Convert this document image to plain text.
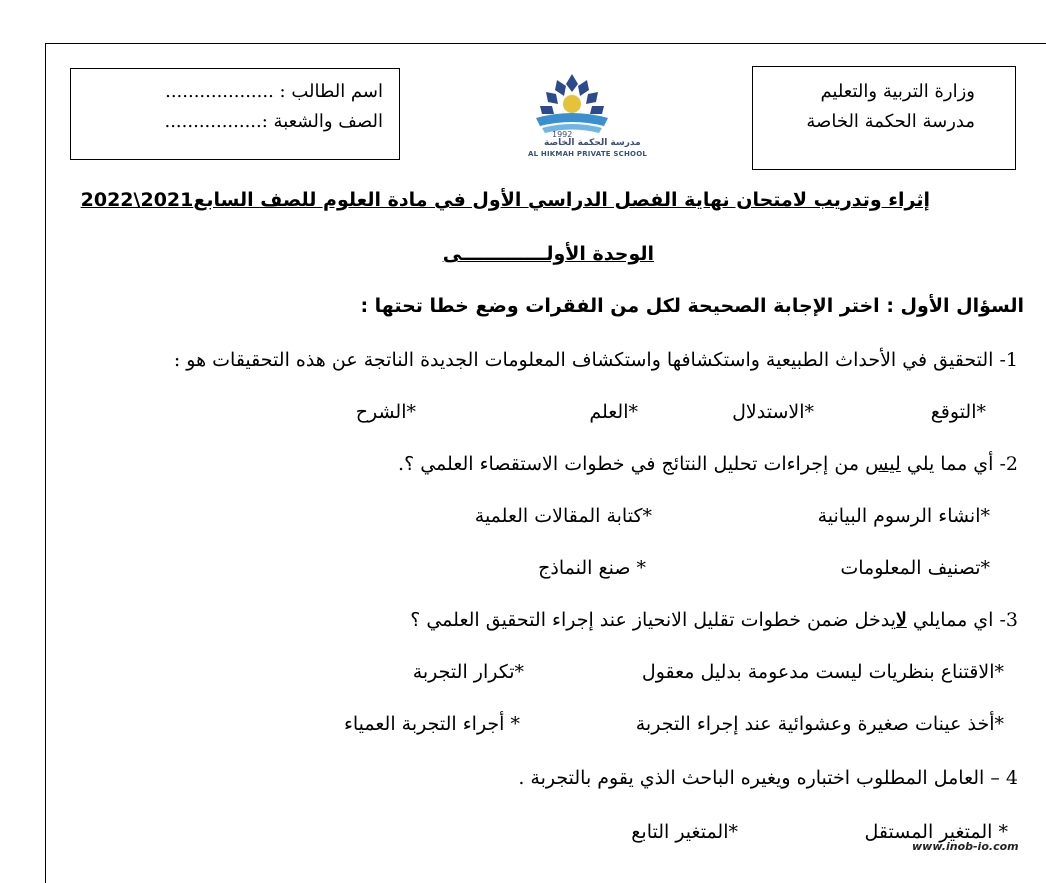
اسم الطالب : ...................
الصف والشعبة :.................
وزارة التربية والتعليم
مدرسة الحكمة الخاصة
1992
مدرسة الحكمة الخاصة
AL HIKMAH PRIVATE SCHOOL
إثراء وتدريب لامتحان نهاية الفصل الدراسي الأول في مادة العلوم للصف السابع2021\2022
الوحدة الأولـــــــــــــى
السؤال الأول : اختر الإجابة الصحيحة لكل من الفقرات وضع خطا تحتها :
1- التحقيق في الأحداث الطبيعية واستكشافها واستكشاف المعلومات الجديدة الناتجة عن هذه التحقيقات هو :
*التوقع
*الاستدلال
*العلم
*الشرح
2- أي مما يلي ليس من إجراءات تحليل النتائج في خطوات الاستقصاء العلمي ؟.
*انشاء الرسوم البيانية
*كتابة المقالات العلمية
*تصنيف المعلومات
* صنع النماذج
3- اي ممايلي لايدخل ضمن خطوات تقليل الانحياز عند إجراء التحقيق العلمي ؟
*الاقتناع بنظريات ليست مدعومة بدليل معقول
*تكرار التجربة
*أخذ عينات صغيرة وعشوائية عند إجراء التجربة
* أجراء التجربة العمياء
4 – العامل المطلوب اختباره ويغيره الباحث الذي يقوم بالتجربة .
* المتغير المستقل
*المتغير التابع
www.inob-io.com
